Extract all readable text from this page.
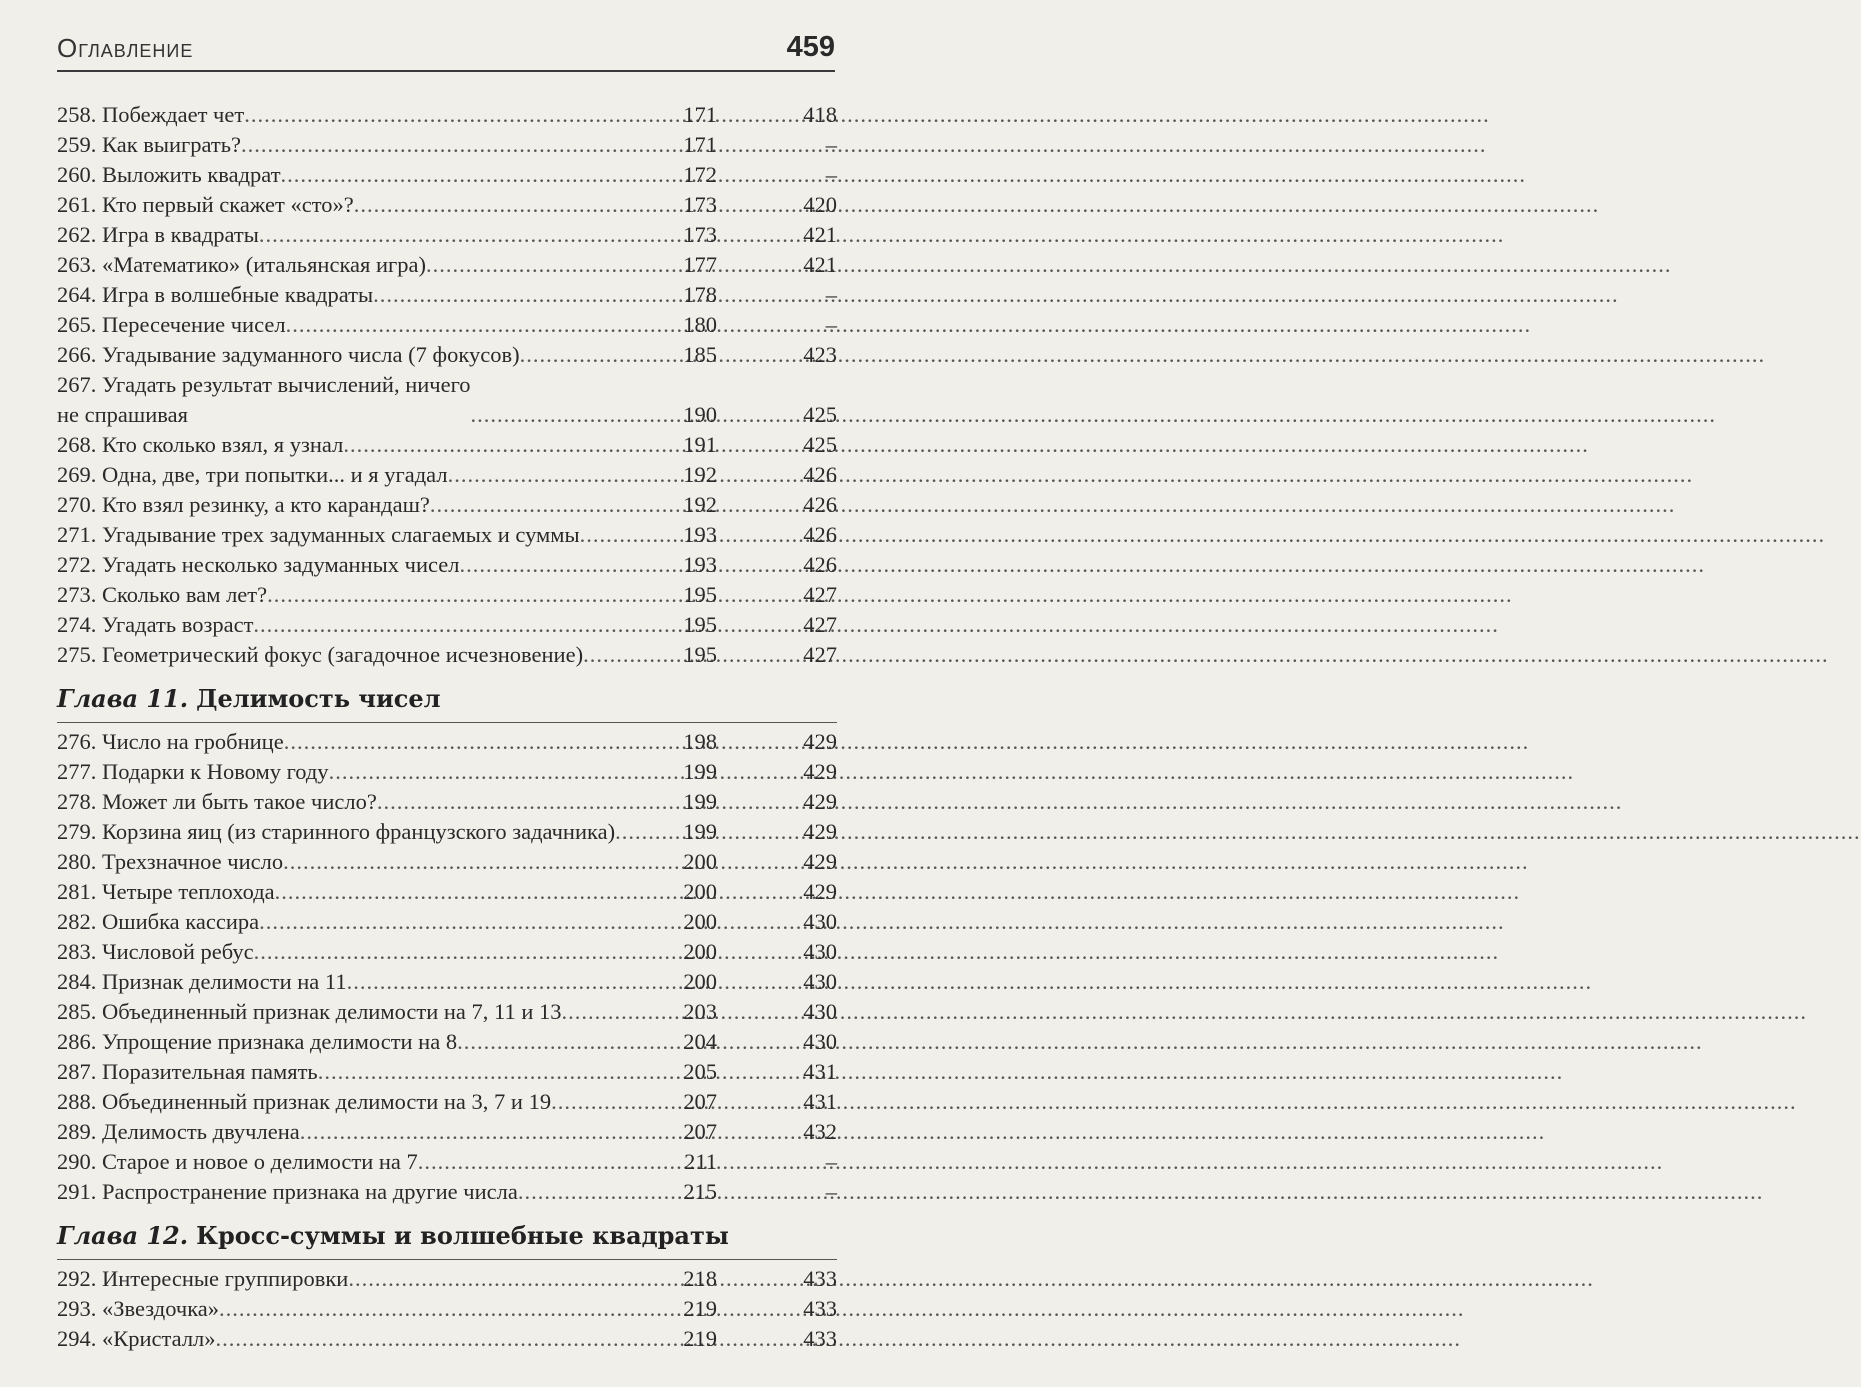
Оглавление	459
258. Побеждает чет .....	171	418
259. Как выиграть? .....	171	–
260. Выложить квадрат .....	172	–
261. Кто первый скажет «сто»? .....	173	420
262. Игра в квадраты .....	173	421
263. «Математико» (итальянская игра) .....	177	421
264. Игра в волшебные квадраты .....	178	–
265. Пересечение чисел .....	180	–
266. Угадывание задуманного числа (7 фокусов) .....	185	423
267. Угадать результат вычислений, ничего
не спрашивая .....	190	425
268. Кто сколько взял, я узнал .....	191	425
269. Одна, две, три попытки... и я угадал .....	192	426
270. Кто взял резинку, а кто карандаш? .....	192	426
271. Угадывание трех задуманных слагаемых и суммы .....	193	426
272. Угадать несколько задуманных чисел .....	193	426
273. Сколько вам лет? .....	195	427
274. Угадать возраст .....	195	427
275. Геометрический фокус (загадочное исчезновение) .....	195	427
Глава 11. Делимость чисел
276. Число на гробнице .....	198	429
277. Подарки к Новому году .....	199	429
278. Может ли быть такое число? .....	199	429
279. Корзина яиц (из старинного французского задачника) .....	199	429
280. Трехзначное число .....	200	429
281. Четыре теплохода .....	200	429
282. Ошибка кассира .....	200	430
283. Числовой ребус .....	200	430
284. Признак делимости на 11 .....	200	430
285. Объединенный признак делимости на 7, 11 и 13 .....	203	430
286. Упрощение признака делимости на 8 .....	204	430
287. Поразительная память .....	205	431
288. Объединенный признак делимости на 3, 7 и 19 .....	207	431
289. Делимость двучлена .....	207	432
290. Старое и новое о делимости на 7 .....	211	–
291. Распространение признака на другие числа .....	215	–
Глава 12. Кросс-суммы и волшебные квадраты
292. Интересные группировки .....	218	433
293. «Звездочка» .....	219	433
294. «Кристалл» .....	219	433
